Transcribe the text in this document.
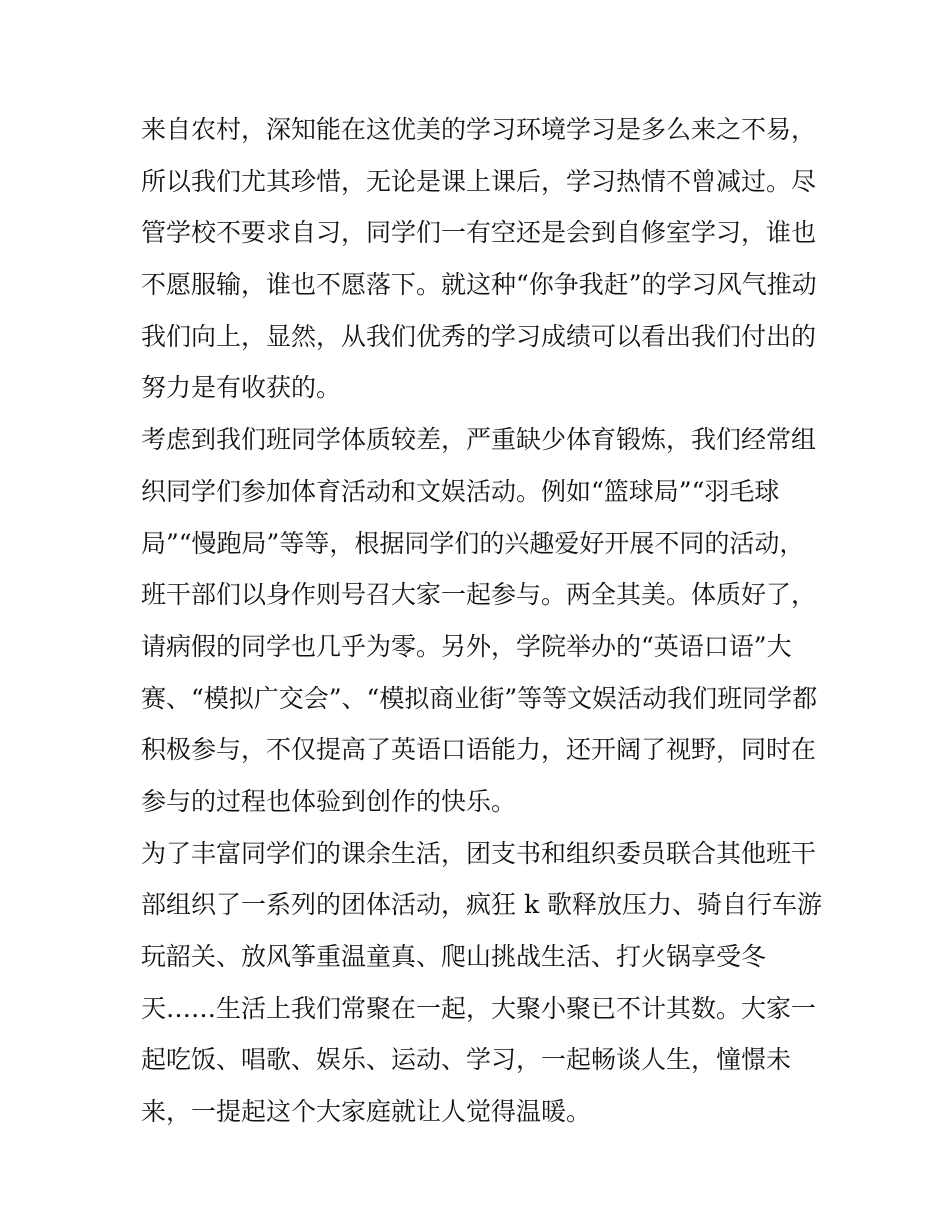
来自农村，深知能在这优美的学习环境学习是多么来之不易，
所以我们尤其珍惜，无论是课上课后，学习热情不曾减过。尽
管学校不要求自习，同学们一有空还是会到自修室学习，谁也
不愿服输，谁也不愿落下。就这种“你争我赶”的学习风气推动
我们向上，显然，从我们优秀的学习成绩可以看出我们付出的
努力是有收获的。
考虑到我们班同学体质较差，严重缺少体育锻炼，我们经常组
织同学们参加体育活动和文娱活动。例如“篮球局”“羽毛球
局”“慢跑局”等等，根据同学们的兴趣爱好开展不同的活动，
班干部们以身作则号召大家一起参与。两全其美。体质好了，
请病假的同学也几乎为零。另外，学院举办的“英语口语”大
赛、“模拟广交会”、“模拟商业街”等等文娱活动我们班同学都
积极参与，不仅提高了英语口语能力，还开阔了视野，同时在
参与的过程也体验到创作的快乐。
为了丰富同学们的课余生活，团支书和组织委员联合其他班干
部组织了一系列的团体活动，疯狂 k 歌释放压力、骑自行车游
玩韶关、放风筝重温童真、爬山挑战生活、打火锅享受冬
天……生活上我们常聚在一起，大聚小聚已不计其数。大家一
起吃饭、唱歌、娱乐、运动、学习，一起畅谈人生，憧憬未
来，一提起这个大家庭就让人觉得温暖。
